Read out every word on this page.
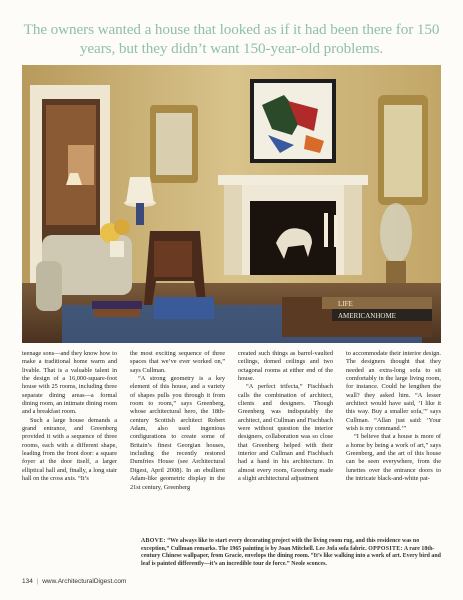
The owners wanted a house that looked as if it had been there for 150 years, but they didn’t want 150-year-old problems.
LIFE
AMERICANHOME

teenage sons—and they know how to make a traditional home warm and livable. That is a valuable talent in the design of a 16,000-square-foot house with 25 rooms, including three separate dining areas—a formal dining room, an intimate dining room and a breakfast room.

Such a large house demands a grand entrance, and Greenberg provided it with a sequence of three rooms, each with a different shape, leading from the front door: a square foyer at the door itself, a larger elliptical hall and, finally, a long stair hall on the cross axis. “It’s

the most exciting sequence of three spaces that we’ve ever worked on,” says Cullman.

“A strong geometry is a key element of this house, and a variety of shapes pulls you through it from room to room,” says Greenberg, whose architectural hero, the 18th-century Scottish architect Robert Adam, also used ingenious configurations to create some of Britain’s finest Georgian houses, including the recently restored Dumfries House (see Architectural Digest, April 2008). In an ebullient Adam-like geometric display in the 21st century, Greenberg

created such things as barrel-vaulted ceilings, domed ceilings and two octagonal rooms at either end of the house.

“A perfect trifecta,” Fischbach calls the combination of architect, clients and designers. Though Greenberg was indisputably the architect, and Cullman and Fischbach were without question the interior designers, collaboration was so close that Greenberg helped with their interior and Cullman and Fischbach had a hand in his architecture. In almost every room, Greenberg made a slight architectural adjustment

to accommodate their interior design. The designers thought that they needed an extra-long sofa to sit comfortably in the large living room, for instance. Could he lengthen the wall? they asked him. “A lesser architect would have said, ‘I like it this way. Buy a smaller sofa,’” says Cullman. “Allan just said: ‘Your wish is my command.’”

“I believe that a house is more of a home by being a work of art,” says Greenberg, and the art of this house can be seen everywhere, from the lunettes over the entrance doors to the intricate black-and-white pat-

ABOVE: “We always like to start every decorating project with the living room rug, and this residence was no exception,” Cullman remarks. The 1965 painting is by Joan Mitchell. Lee Jofa sofa fabric. OPPOSITE: A rare 18th-century Chinese wallpaper, from Gracie, envelops the dining room. “It’s like walking into a work of art. Every bird and leaf is painted differently—it’s an incredible tour de force.” Neole sconces.
134 | www.ArchitecturalDigest.com
